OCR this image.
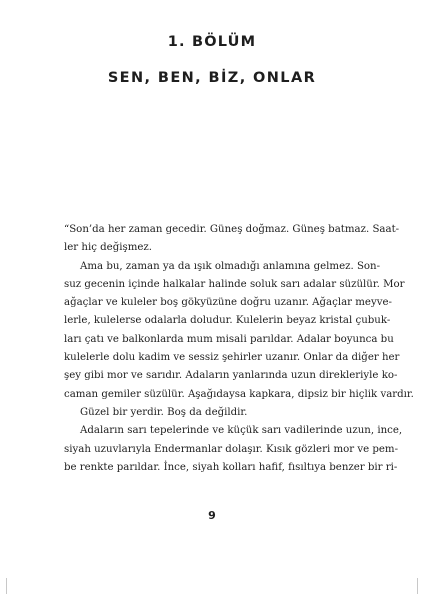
1. BÖLÜM
SEN, BEN, BİZ, ONLAR
“Son’da her zaman gecedir. Güneş doğmaz. Güneş batmaz. Saat-
ler hiç değişmez.
Ama bu, zaman ya da ışık olmadığı anlamına gelmez. Son-
suz gecenin içinde halkalar halinde soluk sarı adalar süzülür. Mor
ağaçlar ve kuleler boş gökyüzüne doğru uzanır. Ağaçlar meyve-
lerle, kulelerse odalarla doludur. Kulelerin beyaz kristal çubuk-
ları çatı ve balkonlarda mum misali parıldar. Adalar boyunca bu
kulelerle dolu kadim ve sessiz şehirler uzanır. Onlar da diğer her
şey gibi mor ve sarıdır. Adaların yanlarında uzun direkleriyle ko-
caman gemiler süzülür. Aşağıdaysa kapkara, dipsiz bir hiçlik vardır.
Güzel bir yerdir. Boş da değildir.
Adaların sarı tepelerinde ve küçük sarı vadilerinde uzun, ince,
siyah uzuvlarıyla Endermanlar dolaşır. Kısık gözleri mor ve pem-
be renkte parıldar. İnce, siyah kolları hafif, fısıltıya benzer bir ri-
9
